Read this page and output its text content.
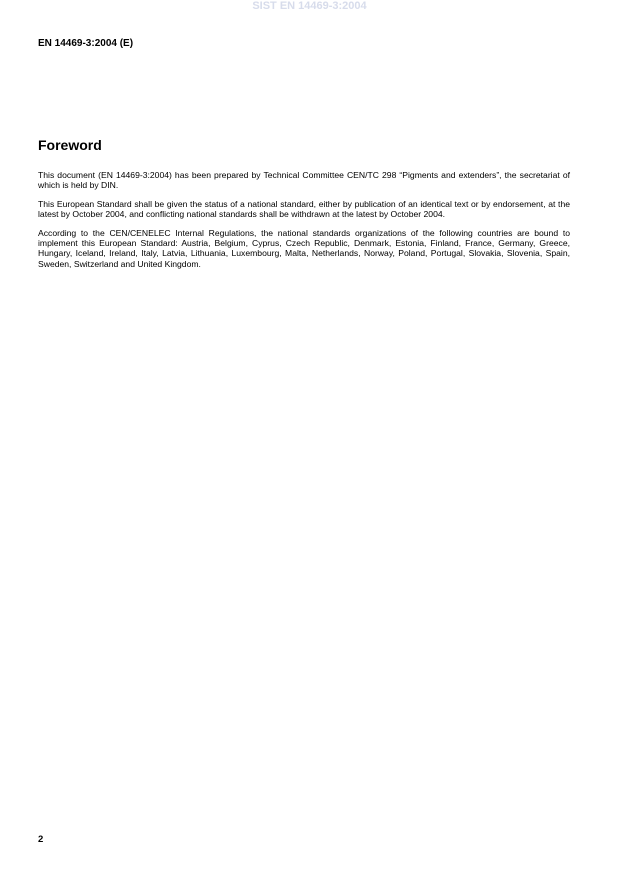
SIST EN 14469-3:2004
EN 14469-3:2004 (E)
Foreword

This document (EN 14469-3:2004) has been prepared by Technical Committee CEN/TC 298 “Pigments and extenders”, the secretariat of which is held by DIN.

This European Standard shall be given the status of a national standard, either by publication of an identical text or by endorsement, at the latest by October 2004, and conflicting national standards shall be withdrawn at the latest by October 2004.

According to the CEN/CENELEC Internal Regulations, the national standards organizations of the following countries are bound to implement this European Standard: Austria, Belgium, Cyprus, Czech Republic, Denmark, Estonia, Finland, France, Germany, Greece, Hungary, Iceland, Ireland, Italy, Latvia, Lithuania, Luxembourg, Malta, Netherlands, Norway, Poland, Portugal, Slovakia, Slovenia, Spain, Sweden, Switzerland and United Kingdom.

2
